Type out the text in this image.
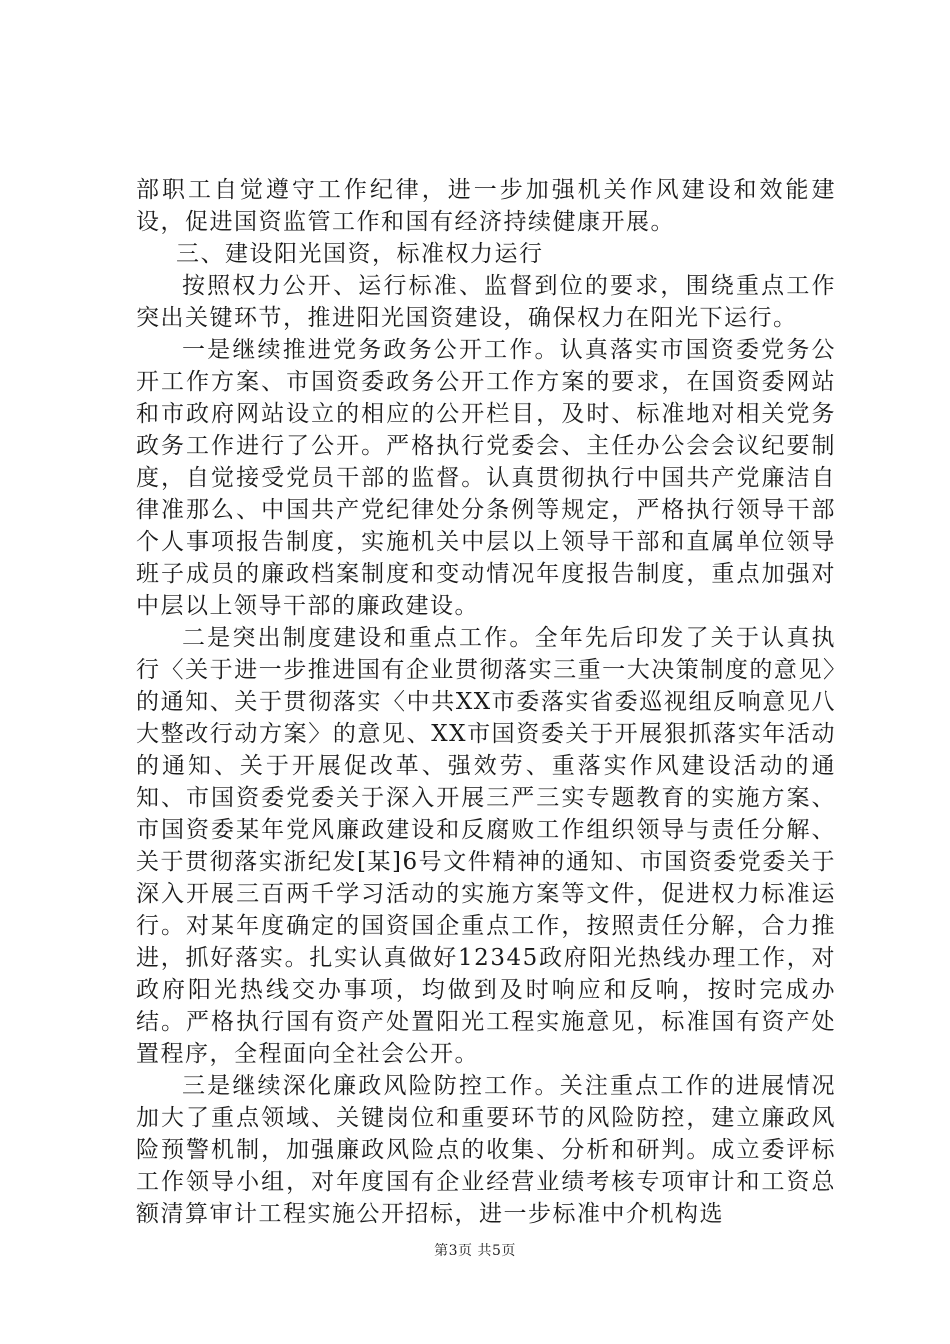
部职工自觉遵守工作纪律，进一步加强机关作风建设和效能建设，促进国资监管工作和国有经济持续健康开展。

三、建设阳光国资，标准权力运行

按照权力公开、运行标准、监督到位的要求，围绕重点工作突出关键环节，推进阳光国资建设，确保权力在阳光下运行。

一是继续推进党务政务公开工作。认真落实市国资委党务公开工作方案、市国资委政务公开工作方案的要求，在国资委网站和市政府网站设立的相应的公开栏目，及时、标准地对相关党务政务工作进行了公开。严格执行党委会、主任办公会会议纪要制度，自觉接受党员干部的监督。认真贯彻执行中国共产党廉洁自律准那么、中国共产党纪律处分条例等规定，严格执行领导干部个人事项报告制度，实施机关中层以上领导干部和直属单位领导班子成员的廉政档案制度和变动情况年度报告制度，重点加强对中层以上领导干部的廉政建设。

二是突出制度建设和重点工作。全年先后印发了关于认真执行〈关于进一步推进国有企业贯彻落实三重一大决策制度的意见〉的通知、关于贯彻落实〈中共XX市委落实省委巡视组反响意见八大整改行动方案〉的意见、XX市国资委关于开展狠抓落实年活动的通知、关于开展促改革、强效劳、重落实作风建设活动的通知、市国资委党委关于深入开展三严三实专题教育的实施方案、市国资委某年党风廉政建设和反腐败工作组织领导与责任分解、关于贯彻落实浙纪发[某]6号文件精神的通知、市国资委党委关于深入开展三百两千学习活动的实施方案等文件，促进权力标准运行。对某年度确定的国资国企重点工作，按照责任分解，合力推进，抓好落实。扎实认真做好12345政府阳光热线办理工作，对政府阳光热线交办事项，均做到及时响应和反响，按时完成办结。严格执行国有资产处置阳光工程实施意见，标准国有资产处置程序，全程面向全社会公开。

三是继续深化廉政风险防控工作。关注重点工作的进展情况加大了重点领域、关键岗位和重要环节的风险防控，建立廉政风险预警机制，加强廉政风险点的收集、分析和研判。成立委评标工作领导小组，对年度国有企业经营业绩考核专项审计和工资总额清算审计工程实施公开招标，进一步标准中介机构选

第3页 共5页
